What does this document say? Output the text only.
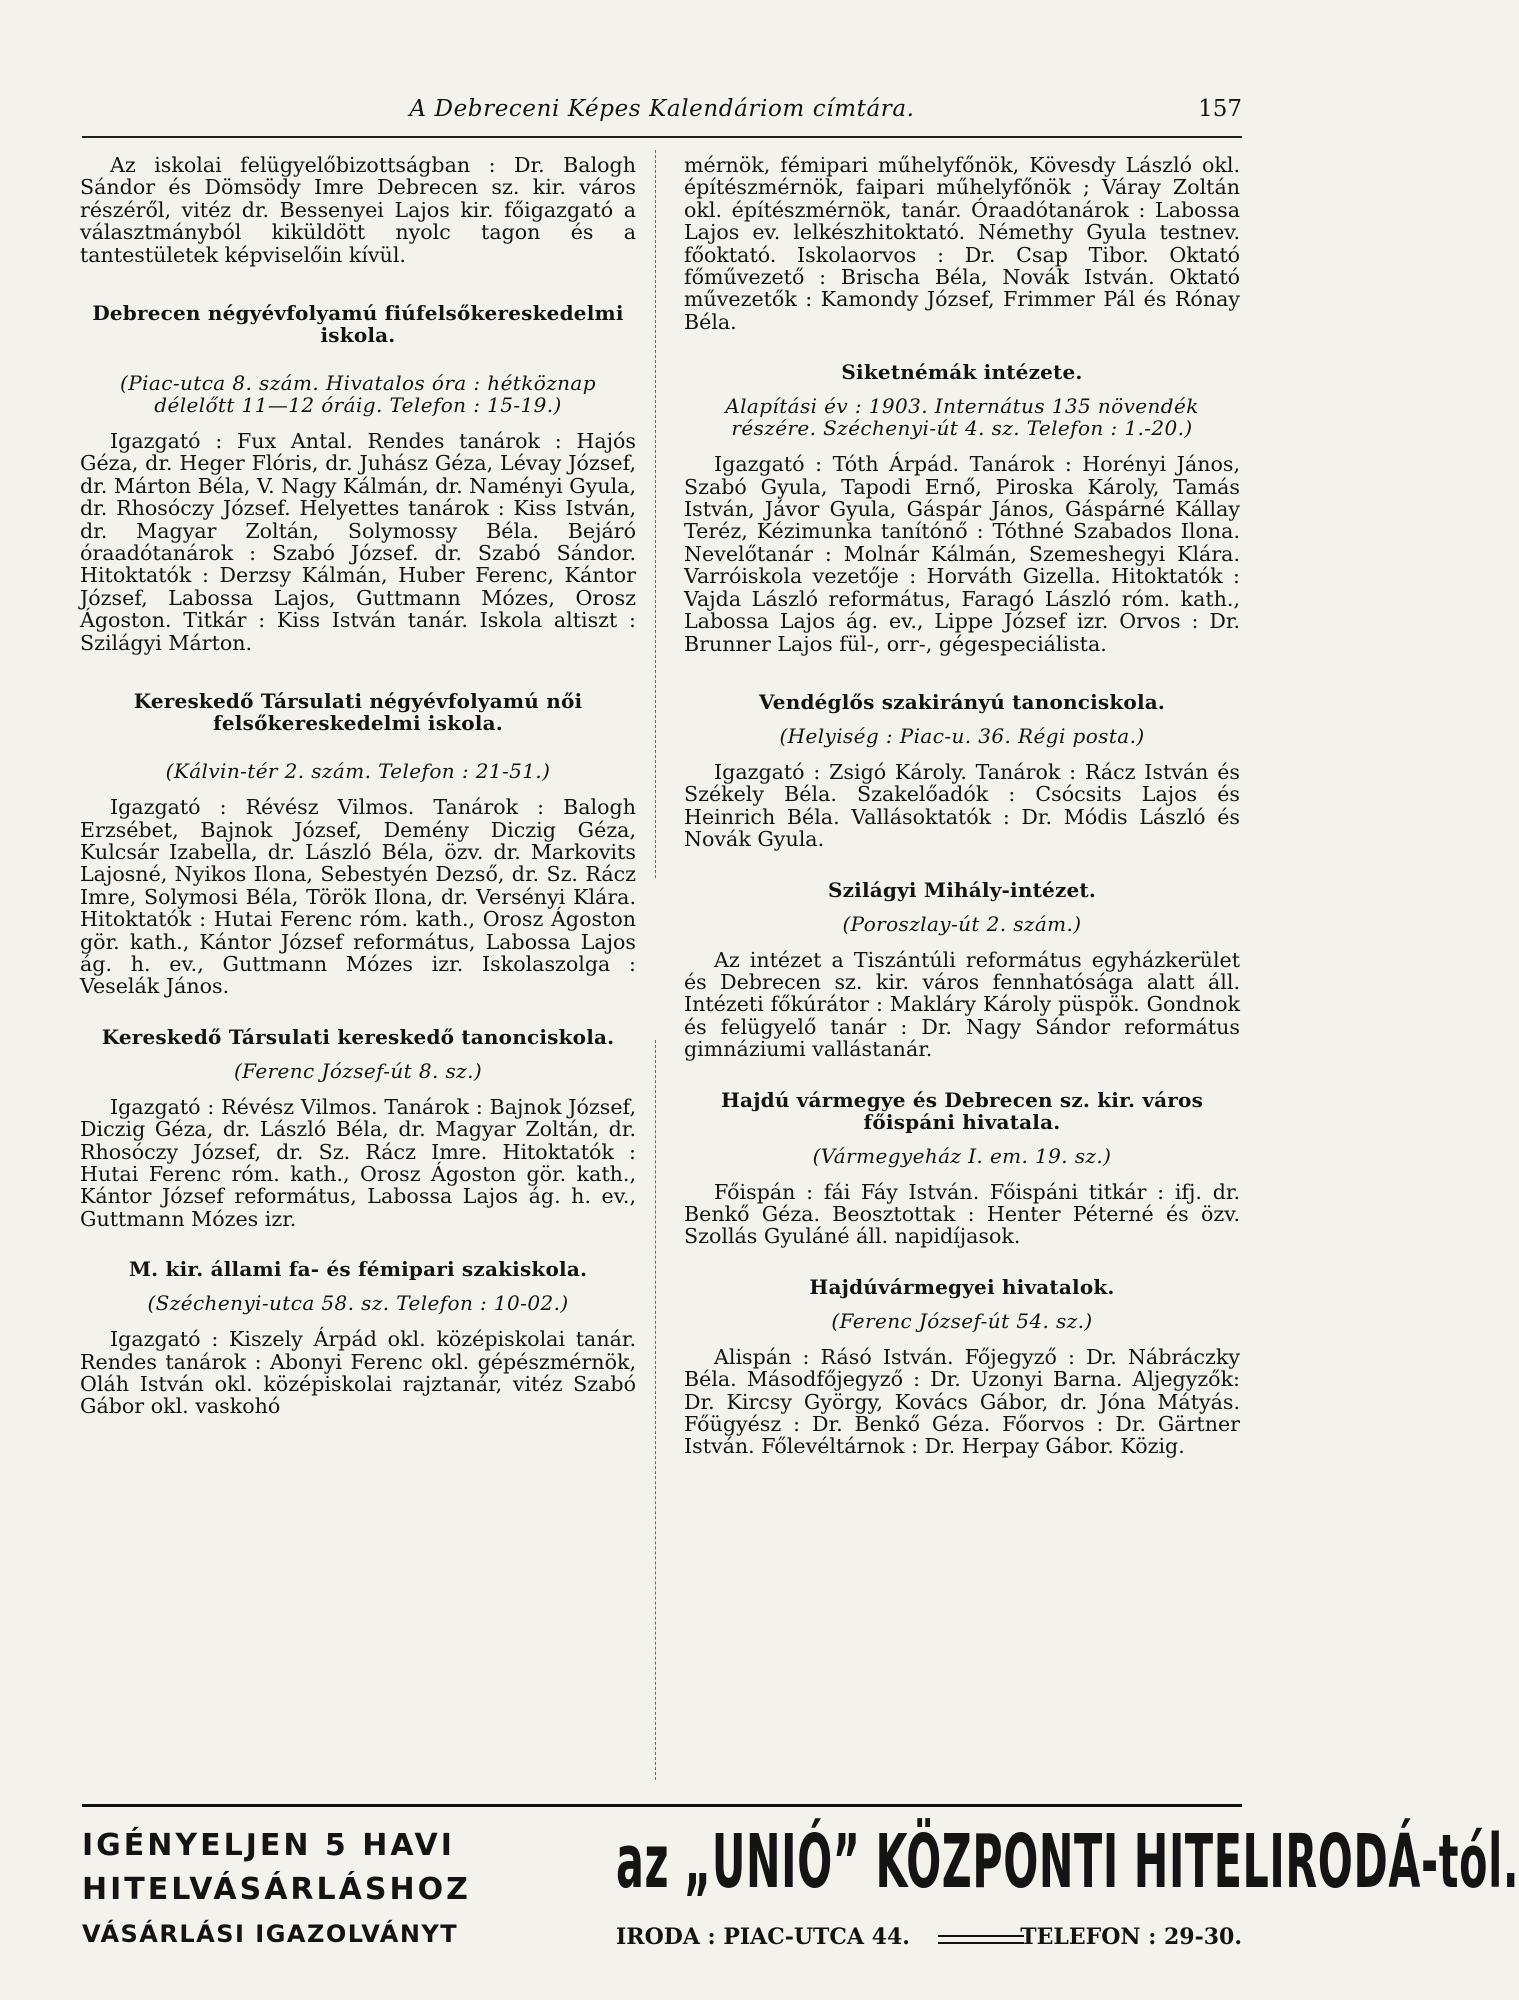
A Debreceni Képes Kalendáriom címtára.	157

Az iskolai felügyelőbizottságban : Dr. Balogh Sándor és Dömsödy Imre Debrecen sz. kir. város részéről, vitéz dr. Bessenyei Lajos kir. főigazgató a választmányból kiküldött nyolc tagon és a tantestületek képviselőin kívül.

Debrecen négyévfolyamú fiúfelsőkereskedelmi iskola.

(Piac-utca 8. szám. Hivatalos óra : hétköznap délelőtt 11—12 óráig. Telefon : 15-19.)

Igazgató : Fux Antal. Rendes tanárok : Hajós Géza, dr. Heger Flóris, dr. Juhász Géza, Lévay József, dr. Márton Béla, V. Nagy Kálmán, dr. Naményi Gyula, dr. Rhosóczy József. Helyettes tanárok : Kiss István, dr. Magyar Zoltán, Solymossy Béla. Bejáró óraadótanárok : Szabó József. dr. Szabó Sándor. Hitoktatók : Derzsy Kálmán, Huber Ferenc, Kántor József, Labossa Lajos, Guttmann Mózes, Orosz Ágoston. Titkár : Kiss István tanár. Iskola altiszt : Szilágyi Márton.

Kereskedő Társulati négyévfolyamú női felsőkereskedelmi iskola.

(Kálvin-tér 2. szám. Telefon : 21-51.)

Igazgató : Révész Vilmos. Tanárok : Balogh Erzsébet, Bajnok József, Demény Diczig Géza, Kulcsár Izabella, dr. László Béla, özv. dr. Markovits Lajosné, Nyikos Ilona, Sebestyén Dezső, dr. Sz. Rácz Imre, Solymosi Béla, Török Ilona, dr. Versényi Klára. Hitoktatók : Hutai Ferenc róm. kath., Orosz Ágoston gör. kath., Kántor József református, Labossa Lajos ág. h. ev., Guttmann Mózes izr. Iskolaszolga : Veselák János.

Kereskedő Társulati kereskedő tanonciskola.

(Ferenc József-út 8. sz.)

Igazgató : Révész Vilmos. Tanárok : Bajnok József, Diczig Géza, dr. László Béla, dr. Magyar Zoltán, dr. Rhosóczy József, dr. Sz. Rácz Imre. Hitoktatók : Hutai Ferenc róm. kath., Orosz Ágoston gör. kath., Kántor József református, Labossa Lajos ág. h. ev., Guttmann Mózes izr.

M. kir. állami fa- és fémipari szakiskola.

(Széchenyi-utca 58. sz. Telefon : 10-02.)

Igazgató : Kiszely Árpád okl. középiskolai tanár. Rendes tanárok : Abonyi Ferenc okl. gépészmérnök, Oláh István okl. középiskolai rajztanár, vitéz Szabó Gábor okl. vaskohó

mérnök, fémipari műhelyfőnök, Kövesdy László okl. építészmérnök, faipari műhelyfőnök ; Váray Zoltán okl. építészmérnök, tanár. Óraadótanárok : Labossa Lajos ev. lelkészhitoktató. Némethy Gyula testnev. főoktató. Iskolaorvos : Dr. Csap Tibor. Oktató főművezető : Brischa Béla, Novák István. Oktató művezetők : Kamondy József, Frimmer Pál és Rónay Béla.

Siketnémák intézete.

Alapítási év : 1903. Internátus 135 növendék részére. Széchenyi-út 4. sz. Telefon : 1.-20.)

Igazgató : Tóth Árpád. Tanárok : Horényi János, Szabó Gyula, Tapodi Ernő, Piroska Károly, Tamás István, Jávor Gyula, Gáspár János, Gáspárné Kállay Teréz, Kézimunka tanítónő : Tóthné Szabados Ilona. Nevelőtanár : Molnár Kálmán, Szemeshegyi Klára. Varróiskola vezetője : Horváth Gizella. Hitoktatók : Vajda László református, Faragó László róm. kath., Labossa Lajos ág. ev., Lippe József izr. Orvos : Dr. Brunner Lajos fül-, orr-, gégespeciálista.

Vendéglős szakirányú tanonciskola.

(Helyiség : Piac-u. 36. Régi posta.)

Igazgató : Zsigó Károly. Tanárok : Rácz István és Székely Béla. Szakelőadók : Csócsits Lajos és Heinrich Béla. Vallásoktatók : Dr. Módis László és Novák Gyula.

Szilágyi Mihály-intézet.

(Poroszlay-út 2. szám.)

Az intézet a Tiszántúli református egyházkerület és Debrecen sz. kir. város fennhatósága alatt áll. Intézeti főkúrátor : Makláry Károly püspök. Gondnok és felügyelő tanár : Dr. Nagy Sándor református gimnáziumi vallástanár.

Hajdú vármegye és Debrecen sz. kir. város főispáni hivatala.

(Vármegyeház I. em. 19. sz.)

Főispán : fái Fáy István. Főispáni titkár : ifj. dr. Benkő Géza. Beosztottak : Henter Péterné és özv. Szollás Gyuláné áll. napidíjasok.

Hajdúvármegyei hivatalok.

(Ferenc József-út 54. sz.)

Alispán : Rásó István. Főjegyző : Dr. Nábráczky Béla. Másodfőjegyző : Dr. Uzonyi Barna. Aljegyzők: Dr. Kircsy György, Kovács Gábor, dr. Jóna Mátyás. Főügyész : Dr. Benkő Géza. Főorvos : Dr. Gärtner István. Főlevéltárnok : Dr. Herpay Gábor. Közig.

IGÉNYELJEN 5 HAVI
HITELVÁSÁRLÁSHOZ
VÁSÁRLÁSI IGAZOLVÁNYT
az „UNIÓ” KÖZPONTI HITELIRODÁ-tól.
IRODA : PIAC-UTCA 44.	TELEFON : 29-30.
